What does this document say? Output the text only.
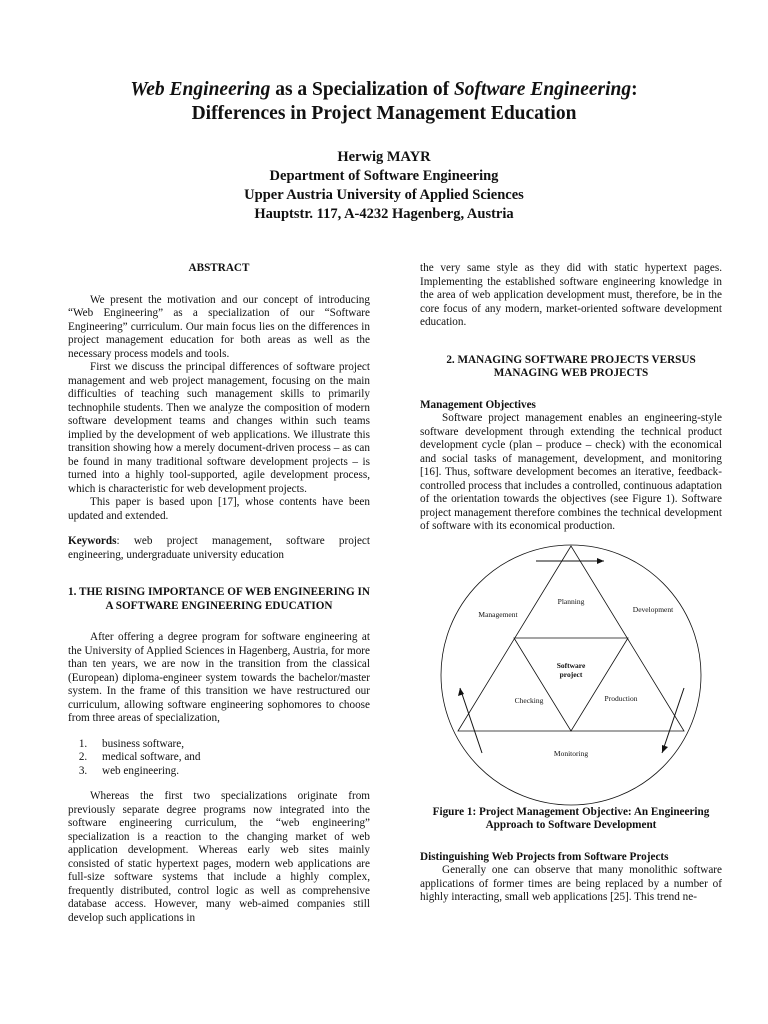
Web Engineering as a Specialization of Software Engineering:
Differences in Project Management Education
Herwig MAYR
Department of Software Engineering
Upper Austria University of Applied Sciences
Hauptstr. 117, A-4232 Hagenberg, Austria

ABSTRACT

We present the motivation and our concept of introducing “Web Engineering” as a specialization of our “Software Engineering” curriculum. Our main focus lies on the differences in project management education for both areas as well as the necessary process models and tools.

First we discuss the principal differences of software project management and web project management, focusing on the main difficulties of teaching such management skills to primarily technophile students. Then we analyze the composition of modern software development teams and changes within such teams implied by the development of web applications. We illustrate this transition showing how a merely document-driven process – as can be found in many traditional software development projects – is turned into a highly tool-supported, agile development process, which is characteristic for web development projects.

This paper is based upon [17], whose contents have been updated and extended.

Keywords: web project management, software project engineering, undergraduate university education

1. THE RISING IMPORTANCE OF WEB ENGINEERING IN A SOFTWARE ENGINEERING EDUCATION

After offering a degree program for software engineering at the University of Applied Sciences in Hagenberg, Austria, for more than ten years, we are now in the transition from the classical (European) diploma-engineer system towards the bachelor/master system. In the frame of this transition we have restructured our curriculum, allowing software engineering sophomores to choose from three areas of specialization,

1. business software,
2. medical software, and
3. web engineering.

Whereas the first two specializations originate from previously separate degree programs now integrated into the software engineering curriculum, the “web engineering” specialization is a reaction to the changing market of web application development. Whereas early web sites mainly consisted of static hypertext pages, modern web applications are full-size software systems that include a highly complex, frequently distributed, control logic as well as comprehensive database access. However, many web-aimed companies still develop such applications in

the very same style as they did with static hypertext pages. Implementing the established software engineering knowledge in the area of web application development must, therefore, be in the core focus of any modern, market-oriented software development education.

2. MANAGING SOFTWARE PROJECTS VERSUS MANAGING WEB PROJECTS

Management Objectives

Software project management enables an engineering-style software development through extending the technical product development cycle (plan – produce – check) with the economical and social tasks of management, development, and monitoring [16]. Thus, software development becomes an iterative, feedback-controlled process that includes a controlled, continuous adaptation of the orientation towards the objectives (see Figure 1). Software project management therefore combines the technical development of software with its economical production.

Planning
Management
Development
Software
project
Checking	Production
Monitoring

Figure 1: Project Management Objective: An Engineering Approach to Software Development

Distinguishing Web Projects from Software Projects

Generally one can observe that many monolithic software applications of former times are being replaced by a number of highly interacting, small web applications [25]. This trend ne-
